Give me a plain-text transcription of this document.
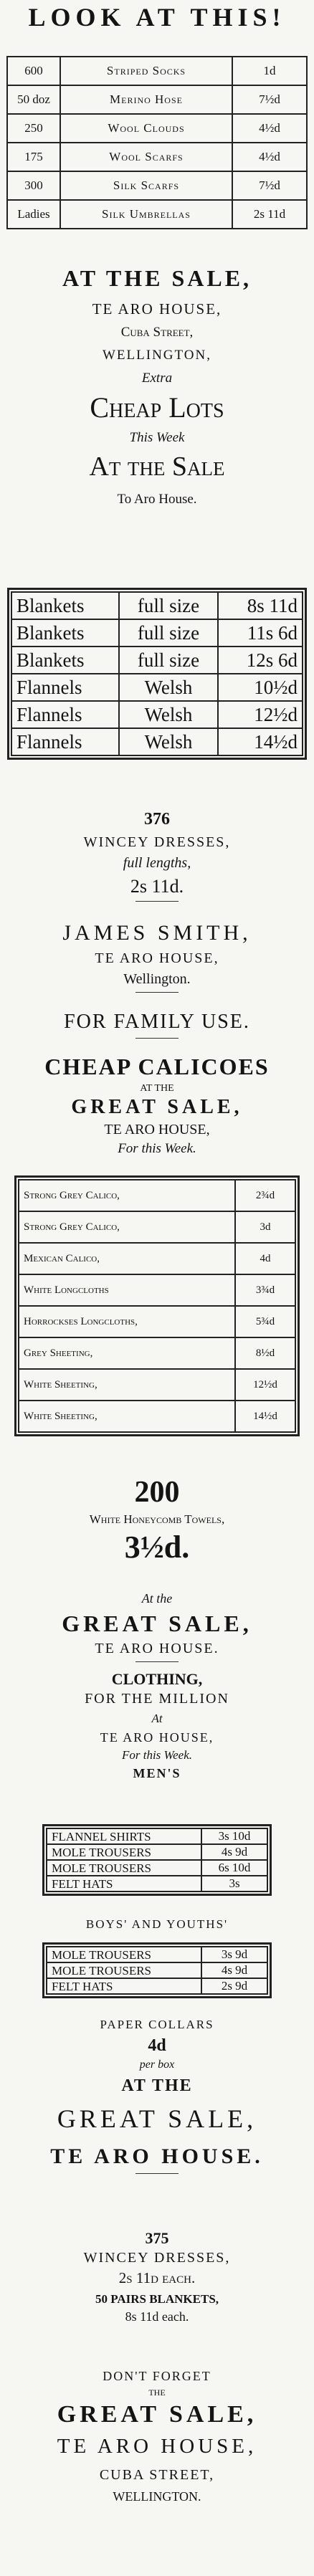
LOOK AT THIS!

600	Striped Socks	1d
50 doz	Merino Hose	7½d
250	Wool Clouds	4½d
175	Wool Scarfs	4½d
300	Silk Scarfs	7½d
Ladies	Silk Umbrellas	2s 11d

AT THE SALE,

TE ARO HOUSE,

Cuba Street,

WELLINGTON,

Extra

Cheap Lots

This Week

At the Sale

To Aro House.

Blankets	full size	8s 11d
Blankets	full size	11s 6d
Blankets	full size	12s 6d
Flannels	Welsh	10½d
Flannels	Welsh	12½d
Flannels	Welsh	14½d

376

WINCEY DRESSES,

full lengths,

2s 11d.

JAMES SMITH,

TE ARO HOUSE,

Wellington.

FOR FAMILY USE.

CHEAP CALICOES

AT THE

GREAT SALE,

TE ARO HOUSE,

For this Week.

Strong Grey Calico,	2¾d
Strong Grey Calico,	3d
Mexican Calico,	4d
White Longcloths	3¾d
Horrockses Longcloths,	5¾d
Grey Sheeting,	8½d
White Sheeting,	12½d
White Sheeting,	14½d

200

White Honeycomb Towels,

3½d.

At the

GREAT SALE,

TE ARO HOUSE.

CLOTHING,

FOR THE MILLION

At

TE ARO HOUSE,

For this Week.

MEN'S

FLANNEL SHIRTS	3s 10d
MOLE TROUSERS	4s 9d
MOLE TROUSERS	6s 10d
FELT HATS	3s

BOYS' AND YOUTHS'

MOLE TROUSERS	3s 9d
MOLE TROUSERS	4s 9d
FELT HATS	2s 9d

PAPER COLLARS

4d

per box

AT THE

GREAT SALE,

TE ARO HOUSE.

375

WINCEY DRESSES,

2s 11d each.

50 PAIRS BLANKETS,

8s 11d each.

DON'T FORGET

THE

GREAT SALE,

TE ARO HOUSE,

CUBA STREET,

WELLINGTON.
